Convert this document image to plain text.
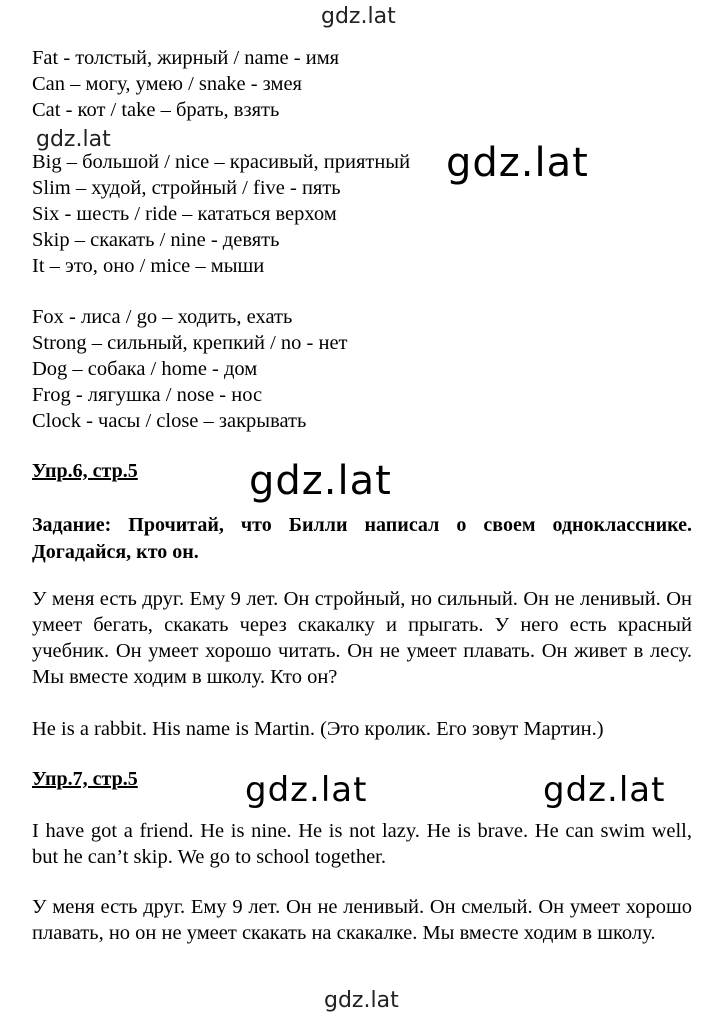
gdz.lat
gdz.lat
gdz.lat
gdz.lat
gdz.lat	gdz.lat
gdz.lat
Fat - толстый, жирный / name - имя
Can – могу, умею / snake - змея
Cat - кот / take – брать, взять
Big – большой / nice – красивый, приятный
Slim – худой, стройный / five - пять
Six - шесть / ride – кататься верхом
Skip – скакать / nine - девять
It – это, оно / mice – мыши
Fox - лиса / go – ходить, ехать
Strong – сильный, крепкий / no - нет
Dog – собака / home - дом
Frog - лягушка / nose - нос
Clock - часы / close – закрывать
Упр.6, стр.5
Задание: Прочитай, что Билли написал о своем однокласснике. Догадайся, кто он.
У меня есть друг. Ему 9 лет. Он стройный, но сильный. Он не ленивый. Он умеет бегать, скакать через скакалку и прыгать. У него есть красный учебник. Он умеет хорошо читать. Он не умеет плавать. Он живет в лесу. Мы вместе ходим в школу. Кто он?
He is a rabbit. His name is Martin. (Это кролик. Его зовут Мартин.)
Упр.7, стр.5
I have got a friend. He is nine. He is not lazy. He is brave. He can swim well, but he can’t skip. We go to school together.
У меня есть друг. Ему 9 лет. Он не ленивый. Он смелый. Он умеет хорошо плавать, но он не умеет скакать на скакалке. Мы вместе ходим в школу.
